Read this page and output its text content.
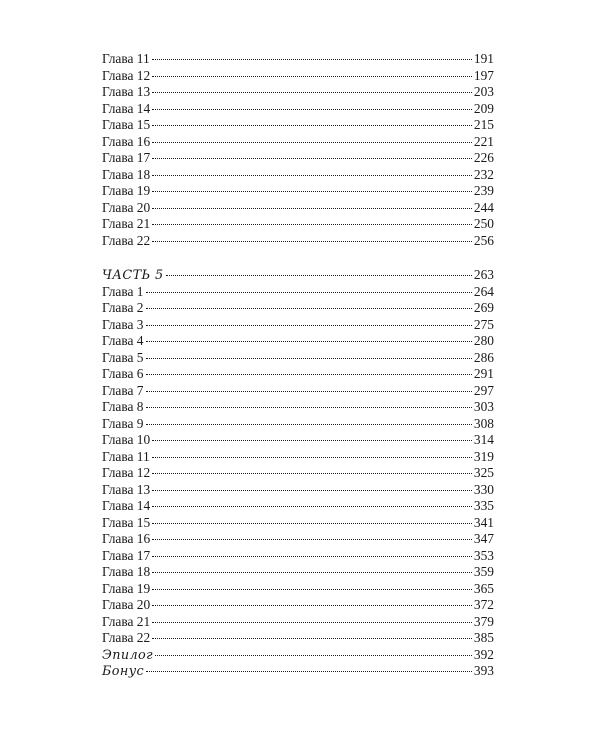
Глава 11	191
Глава 12	197
Глава 13	203
Глава 14	209
Глава 15	215
Глава 16	221
Глава 17	226
Глава 18	232
Глава 19	239
Глава 20	244
Глава 21	250
Глава 22	256
ЧАСТЬ 5	263
Глава 1	264
Глава 2	269
Глава 3	275
Глава 4	280
Глава 5	286
Глава 6	291
Глава 7	297
Глава 8	303
Глава 9	308
Глава 10	314
Глава 11	319
Глава 12	325
Глава 13	330
Глава 14	335
Глава 15	341
Глава 16	347
Глава 17	353
Глава 18	359
Глава 19	365
Глава 20	372
Глава 21	379
Глава 22	385
Эпилог	392
Бонус	393
